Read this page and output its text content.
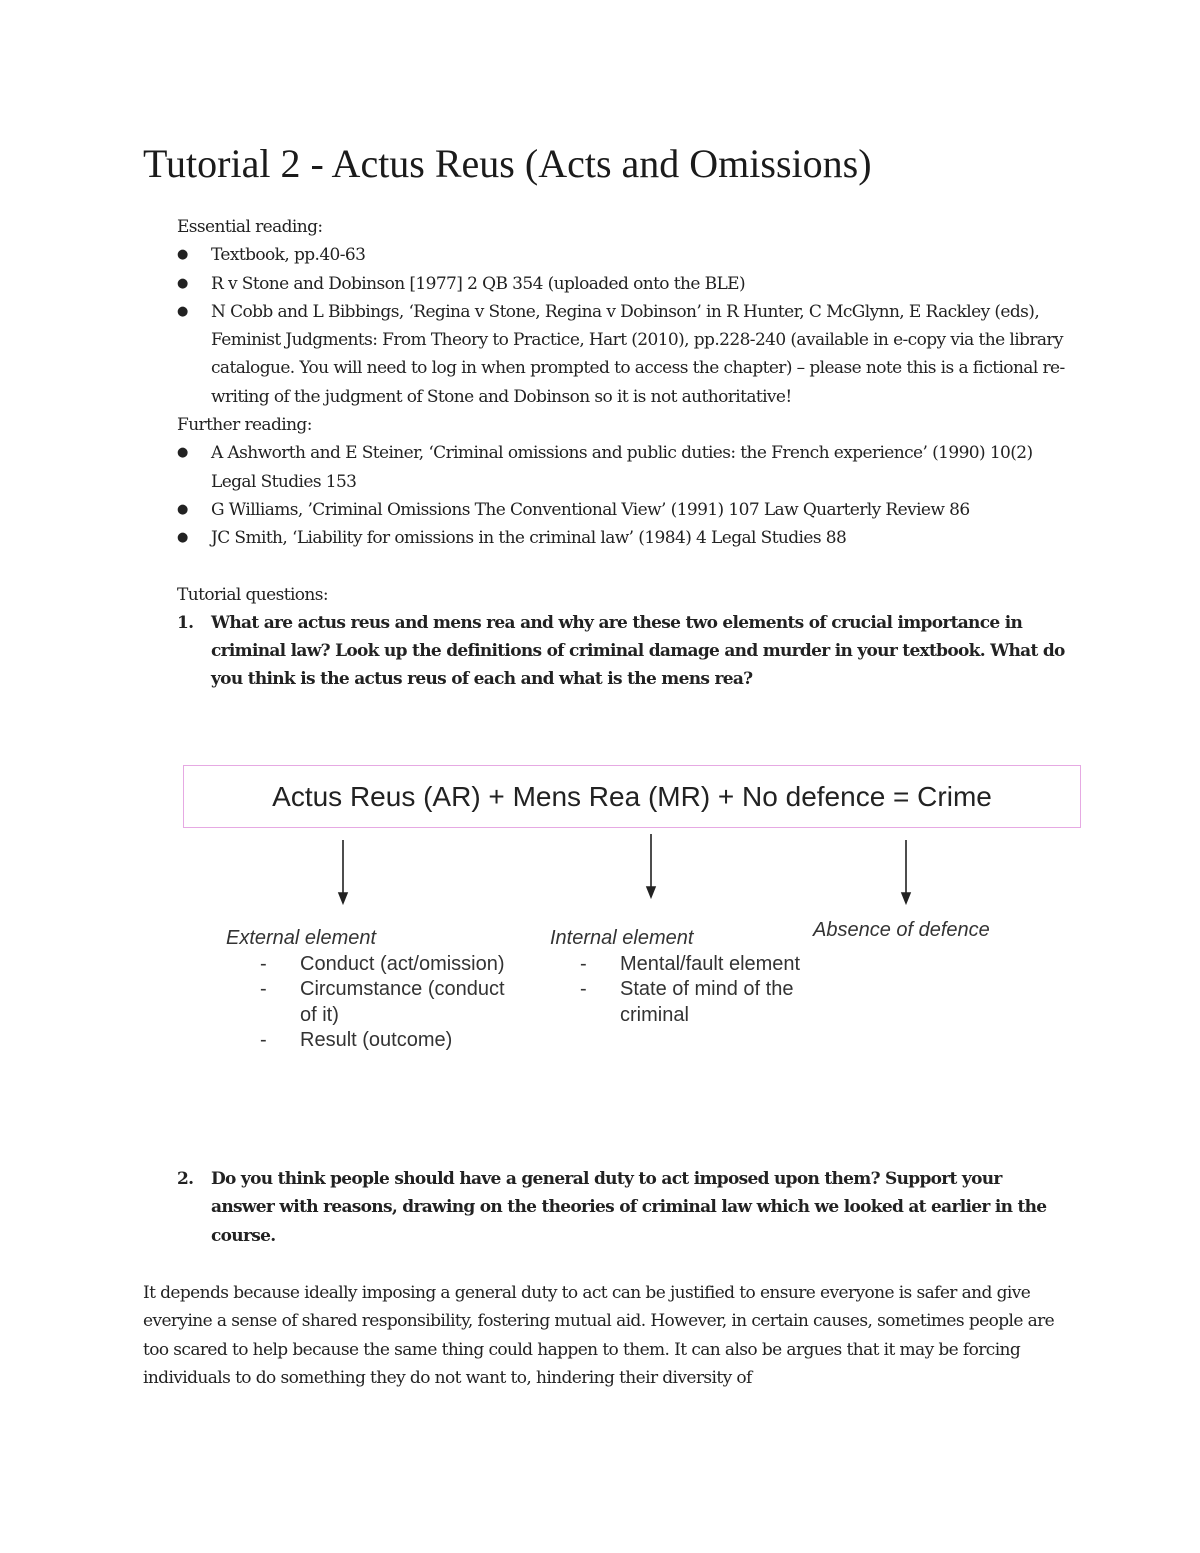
Tutorial 2 - Actus Reus (Acts and Omissions)

Essential reading:

● Textbook, pp.40-63
● R v Stone and Dobinson [1977] 2 QB 354 (uploaded onto the BLE)
● N Cobb and L Bibbings, ‘Regina v Stone, Regina v Dobinson’ in R Hunter, C McGlynn, E Rackley (eds), Feminist Judgments: From Theory to Practice, Hart (2010), pp.228-240 (available in e-copy via the library catalogue. You will need to log in when prompted to access the chapter) – please note this is a fictional re-writing of the judgment of Stone and Dobinson so it is not authoritative!

Further reading:

● A Ashworth and E Steiner, ‘Criminal omissions and public duties: the French experience’ (1990) 10(2) Legal Studies 153
● G Williams, ’Criminal Omissions The Conventional View’ (1991) 107 Law Quarterly Review 86
● JC Smith, ‘Liability for omissions in the criminal law’ (1984) 4 Legal Studies 88

Tutorial questions:

1. What are actus reus and mens rea and why are these two elements of crucial importance in criminal law? Look up the definitions of criminal damage and murder in your textbook. What do you think is the actus reus of each and what is the mens rea?
Actus Reus (AR) + Mens Rea (MR) + No defence = Crime

External element

- Conduct (act/omission)
- Circumstance (conduct of it)
- Result (outcome)

Internal element

- Mental/fault element
- State of mind of the criminal

Absence of defence

2. Do you think people should have a general duty to act imposed upon them? Support your answer with reasons, drawing on the theories of criminal law which we looked at earlier in the course.

It depends because ideally imposing a general duty to act can be justified to ensure everyone is safer and give everyine a sense of shared responsibility, fostering mutual aid. However, in certain causes, sometimes people are too scared to help because the same thing could happen to them. It can also be argues that it may be forcing individuals to do something they do not want to, hindering their diversity of
